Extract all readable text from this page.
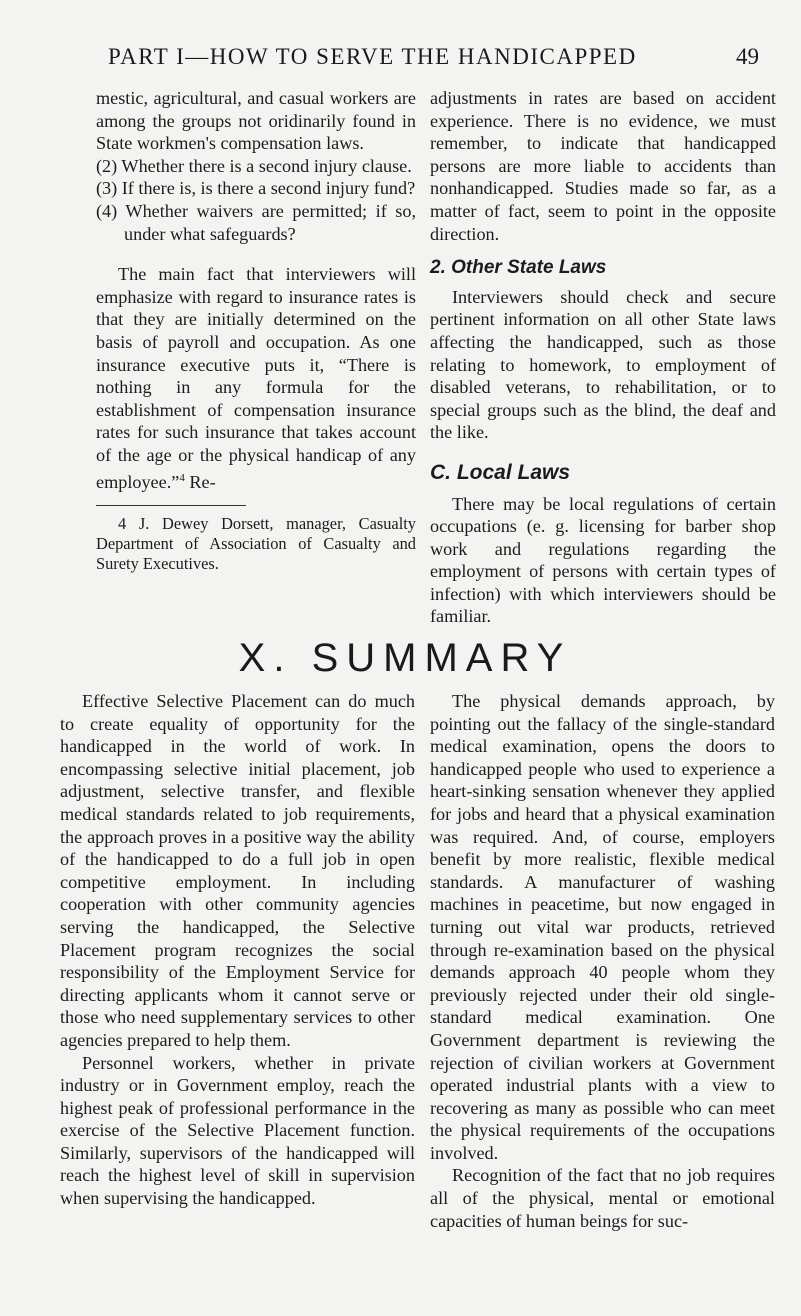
PART I—HOW TO SERVE THE HANDICAPPED	49

mestic, agricultural, and casual workers are among the groups not oridinarily found in State workmen's compensation laws.

(2) Whether there is a second injury clause.

(3) If there is, is there a second injury fund?

(4) Whether waivers are permitted; if so, under what safeguards?

The main fact that interviewers will emphasize with regard to insurance rates is that they are initially determined on the basis of payroll and occupation. As one insurance executive puts it, “There is nothing in any formula for the establishment of compensation insurance rates for such insurance that takes account of the age or the physical handicap of any employee.”$^4$ Re-

4 J. Dewey Dorsett, manager, Casualty Department of Association of Casualty and Surety Executives.

adjustments in rates are based on accident experience. There is no evidence, we must remember, to indicate that handicapped persons are more liable to accidents than nonhandicapped. Studies made so far, as a matter of fact, seem to point in the opposite direction.

2. Other State Laws

Interviewers should check and secure pertinent information on all other State laws affecting the handicapped, such as those relating to homework, to employment of disabled veterans, to rehabilitation, or to special groups such as the blind, the deaf and the like.

C. Local Laws

There may be local regulations of certain occupations (e. g. licensing for barber shop work and regulations regarding the employment of persons with certain types of infection) with which interviewers should be familiar.

X. SUMMARY

Effective Selective Placement can do much to create equality of opportunity for the handicapped in the world of work. In encompassing selective initial placement, job adjustment, selective transfer, and flexible medical standards related to job requirements, the approach proves in a positive way the ability of the handicapped to do a full job in open competitive employment. In including cooperation with other community agencies serving the handicapped, the Selective Placement program recognizes the social responsibility of the Employment Service for directing applicants whom it cannot serve or those who need supplementary services to other agencies prepared to help them.

Personnel workers, whether in private industry or in Government employ, reach the highest peak of professional performance in the exercise of the Selective Placement function. Similarly, supervisors of the handicapped will reach the highest level of skill in supervision when supervising the handicapped.

The physical demands approach, by pointing out the fallacy of the single-standard medical examination, opens the doors to handicapped people who used to experience a heart-sinking sensation whenever they applied for jobs and heard that a physical examination was required. And, of course, employers benefit by more realistic, flexible medical standards. A manufacturer of washing machines in peacetime, but now engaged in turning out vital war products, retrieved through re-examination based on the physical demands approach 40 people whom they previously rejected under their old single-standard medical examination. One Government department is reviewing the rejection of civilian workers at Government operated industrial plants with a view to recovering as many as possible who can meet the physical requirements of the occupations involved.

Recognition of the fact that no job requires all of the physical, mental or emotional capacities of human beings for suc-
